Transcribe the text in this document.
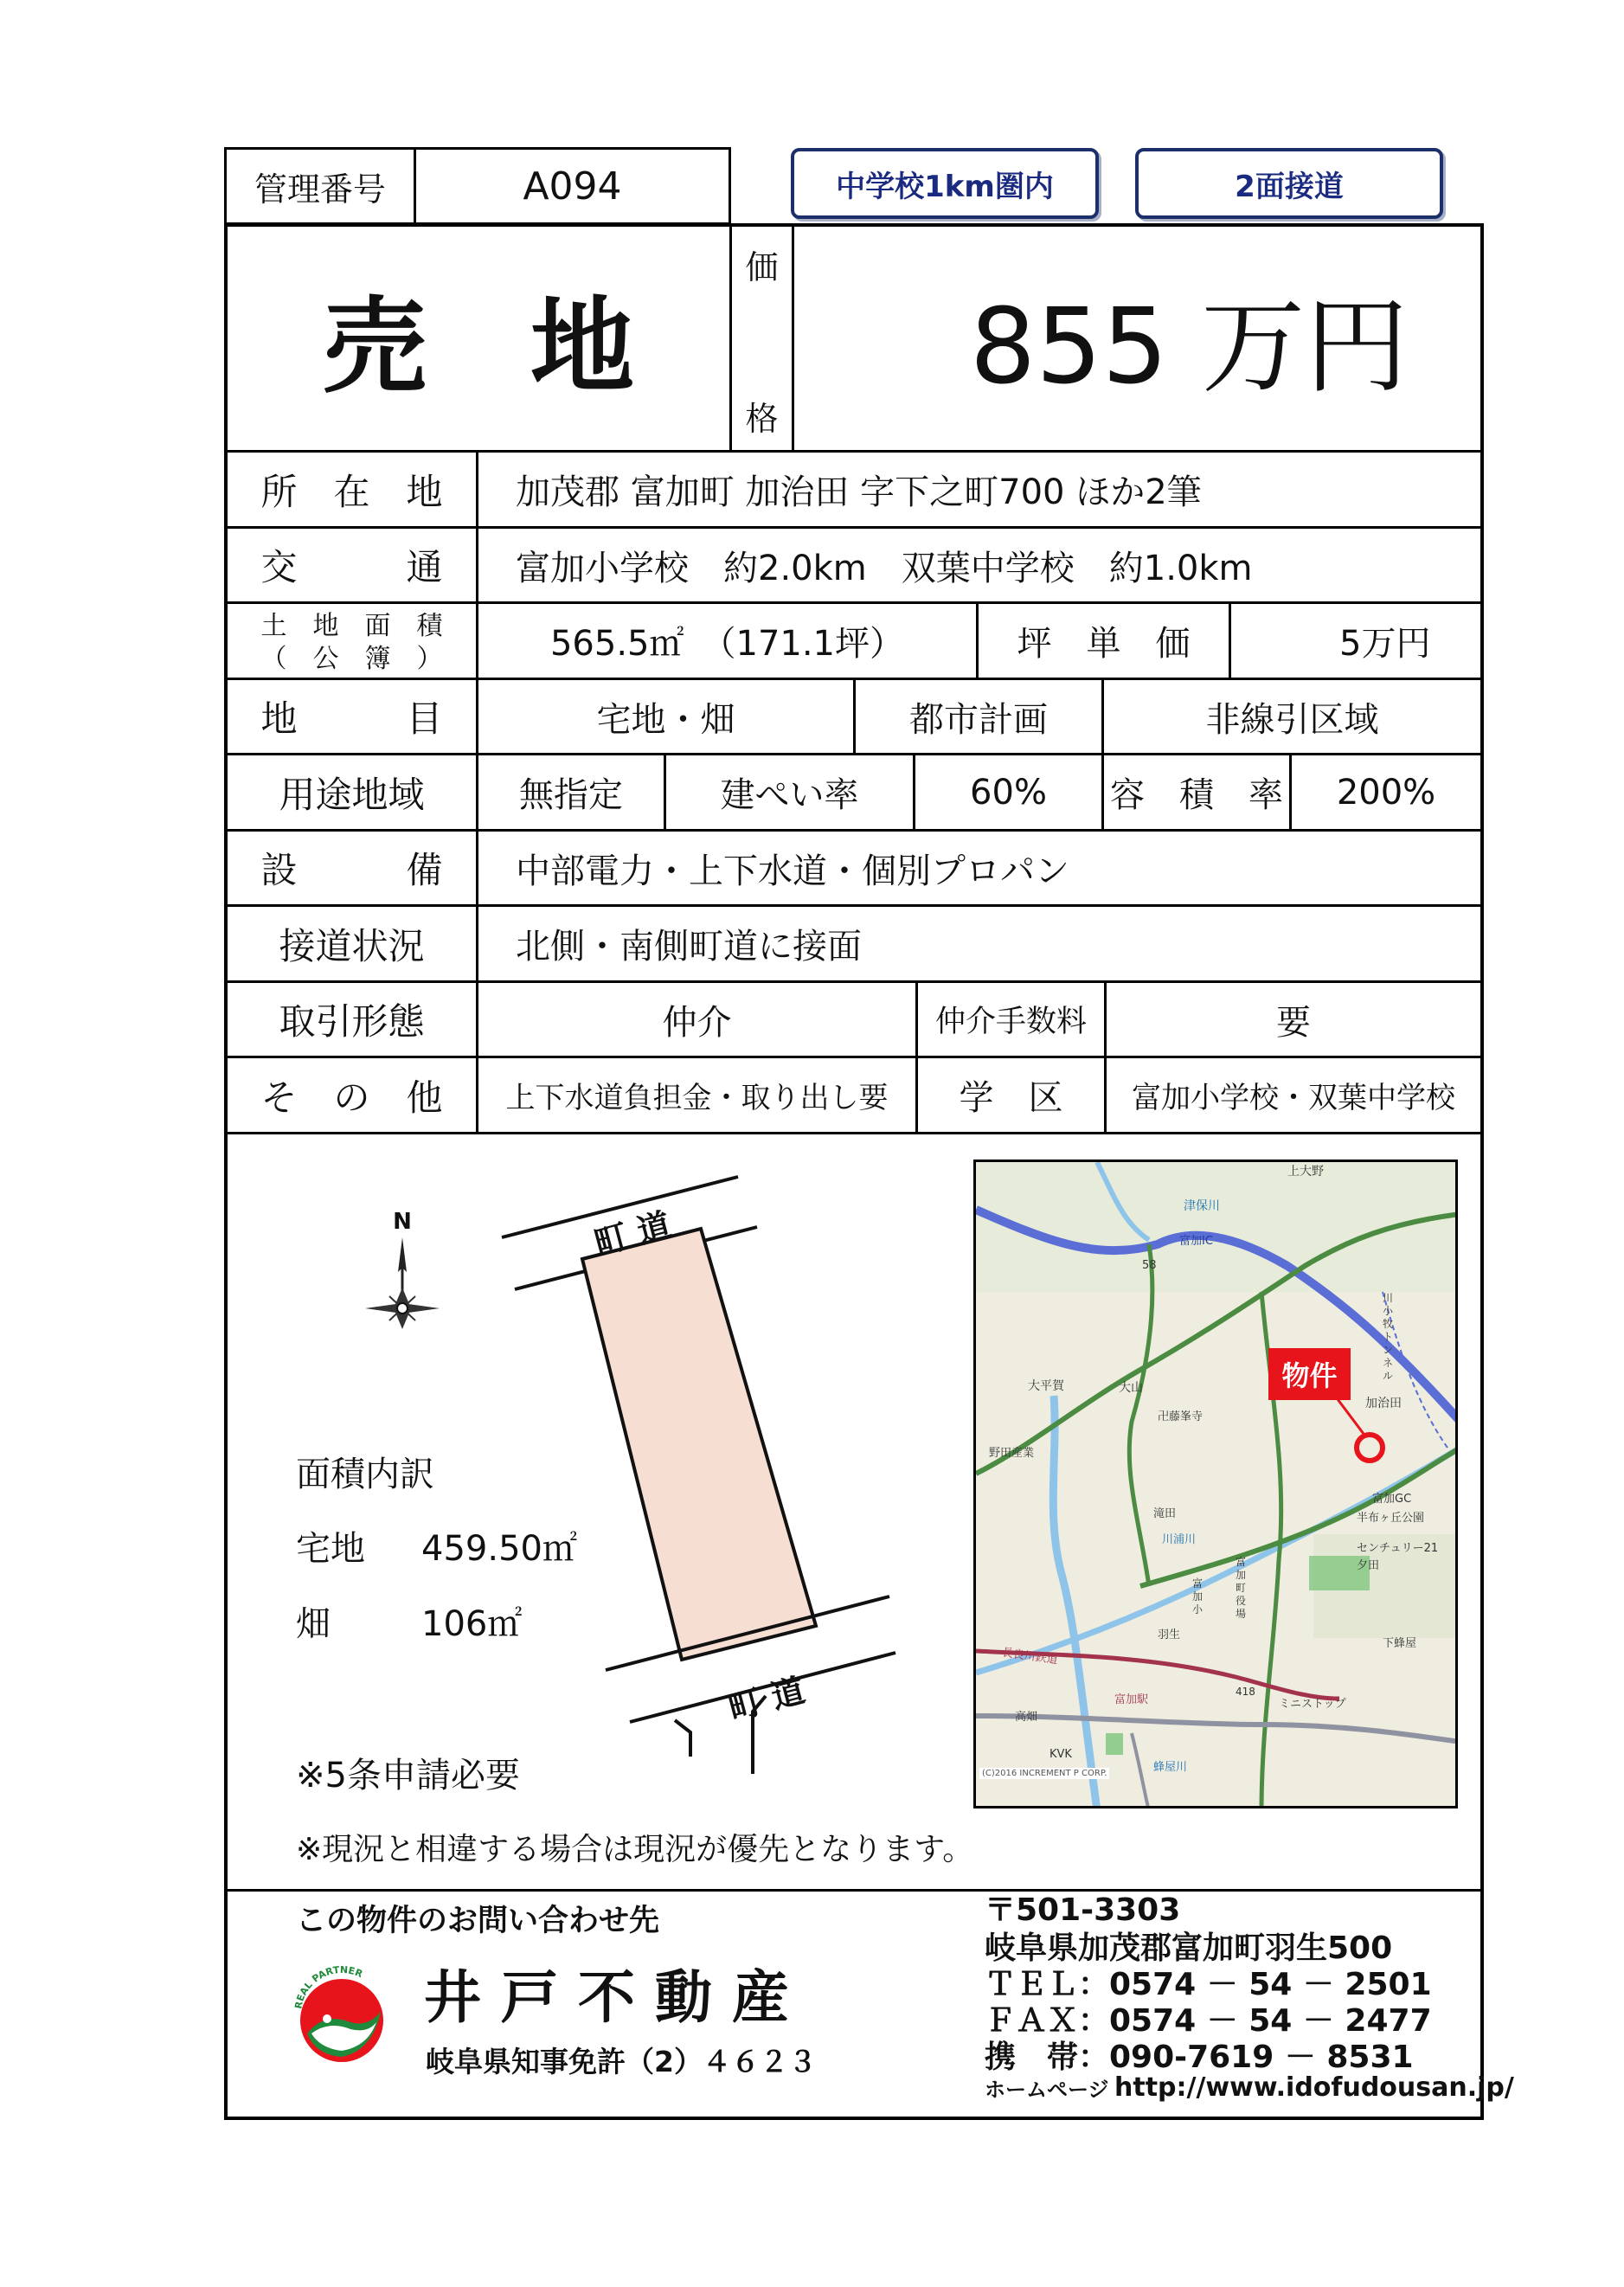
管理番号	A094	中学校1km圏内	2面接道
売　地
価
格
855 万円
所　在　地	加茂郡 富加町 加治田 字下之町700 ほか2筆
交　　　通	富加小学校　約2.0km　双葉中学校　約1.0km
土　地　面　積
（　公　簿　）	565.5㎡　（171.1坪）	坪　単　価	5万円
地　　　目	宅地・畑	都市計画	非線引区域
用途地域	無指定	建ぺい率	60%	容　積　率	200%
設　　　備	中部電力・上下水道・個別プロパン
接道状況	北側・南側町道に接面
取引形態	仲介	仲介手数料	要
そ　の　他	上下水道負担金・取り出し要	学　区	富加小学校・双葉中学校
N	町 道
町 道
面積内訳
宅地	459.50㎡
畑	106㎡
※5条申請必要
※現況と相違する場合は現況が優先となります。
物件
上大野
津保川
富加IC
58
大平賀	大山
卍藤峯寺
加治田
野田産業
富加GC
半布ヶ丘公園
センチュリー21
夕田
滝田
川浦川
富加町役場
富加小
羽生
418
長良川鉄道
富加駅
高畑
ミニストップ
下蜂屋
KVK
蜂屋川
川小牧トンネル
(C)2016 INCREMENT P CORP.
この物件のお問い合わせ先
REAL PARTNER 井 戸 不 動 産
岐阜県知事免許（2）４６２３
〒501-3303
岐阜県加茂郡富加町羽生500
ＴＥＬ：0574 － 54 － 2501
ＦＡＸ：0574 － 54 － 2477
携　帯：090-7619 － 8531
ホームページ http://www.idofudousan.jp/
